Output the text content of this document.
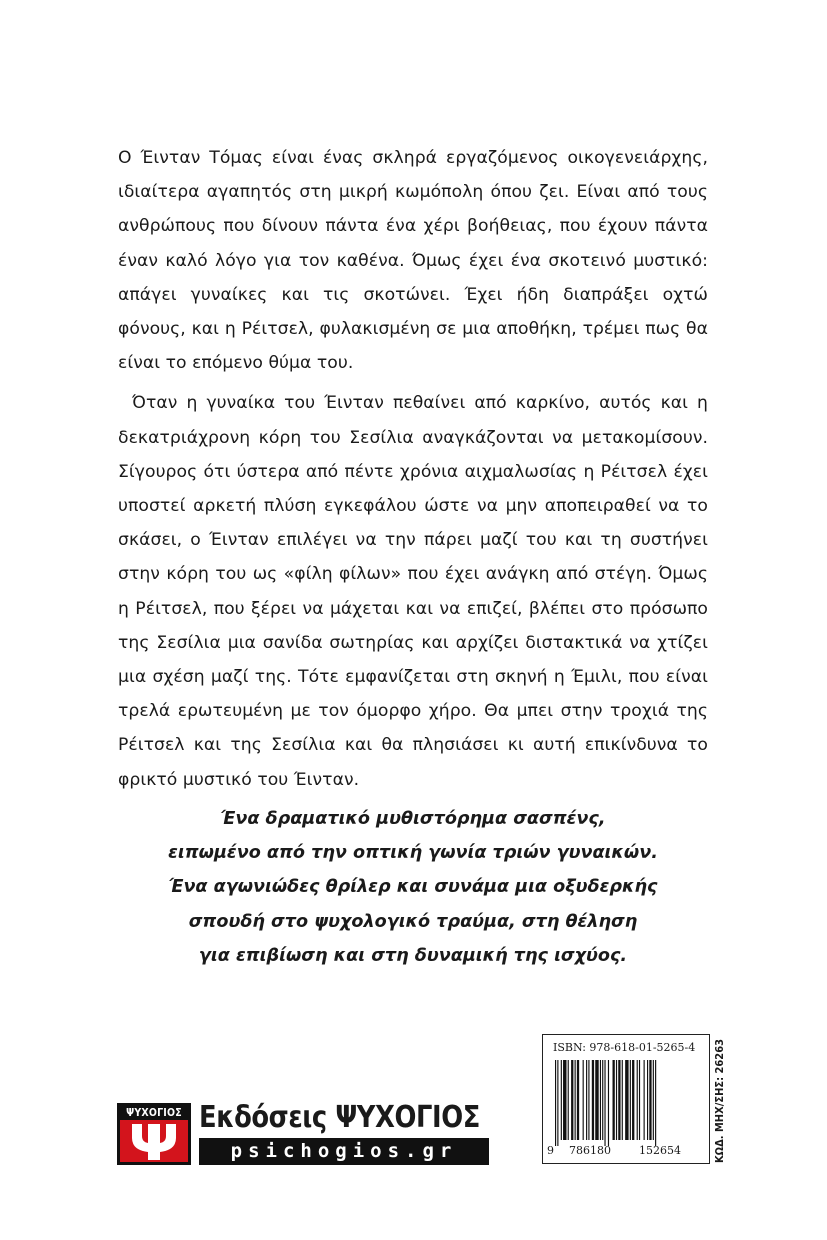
Ο Έινταν Τόμας είναι ένας σκληρά εργαζόμενος οικογενειάρχης, ιδιαίτερα αγαπητός στη μικρή κωμόπολη όπου ζει. Είναι από τους ανθρώπους που δίνουν πάντα ένα χέρι βοήθειας, που έχουν πάντα έναν καλό λόγο για τον καθένα. Όμως έχει ένα σκοτεινό μυστικό: απάγει γυναίκες και τις σκοτώνει. Έχει ήδη διαπράξει οχτώ φόνους, και η Ρέιτσελ, φυλακισμένη σε μια αποθήκη, τρέμει πως θα είναι το επόμενο θύμα του.

Όταν η γυναίκα του Έινταν πεθαίνει από καρκίνο, αυτός και η δεκατριάχρονη κόρη του Σεσίλια αναγκάζονται να μετακομίσουν. Σίγουρος ότι ύστερα από πέντε χρόνια αιχμαλωσίας η Ρέιτσελ έχει υποστεί αρκετή πλύση εγκεφάλου ώστε να μην αποπειραθεί να το σκάσει, ο Έινταν επιλέγει να την πάρει μαζί του και τη συστήνει στην κόρη του ως «φίλη φίλων» που έχει ανάγκη από στέγη. Όμως η Ρέιτσελ, που ξέρει να μάχεται και να επιζεί, βλέπει στο πρόσωπο της Σεσίλια μια σανίδα σωτηρίας και αρχίζει διστακτικά να χτίζει μια σχέση μαζί της. Τότε εμφανίζεται στη σκηνή η Έμιλι, που είναι τρελά ερωτευμένη με τον όμορφο χήρο. Θα μπει στην τροχιά της Ρέιτσελ και της Σεσίλια και θα πλησιάσει κι αυτή επικίνδυνα το φρικτό μυστικό του Έινταν.

Ένα δραματικό μυθιστόρημα σασπένς,
ειπωμένο από την οπτική γωνία τριών γυναικών.
Ένα αγωνιώδες θρίλερ και συνάμα μια οξυδερκής
σπουδή στο ψυχολογικό τραύμα, στη θέληση
για επιβίωση και στη δυναμική της ισχύος.
ΨΥΧΟΓΙΟΣ Εκδόσεις ΨΥΧΟΓΙΟΣ
psichogios.gr
ISBN: 978-618-01-5265-4
9 786180	152654	ΚΩΔ. ΜΗΧ/ΣΗΣ: 26263
